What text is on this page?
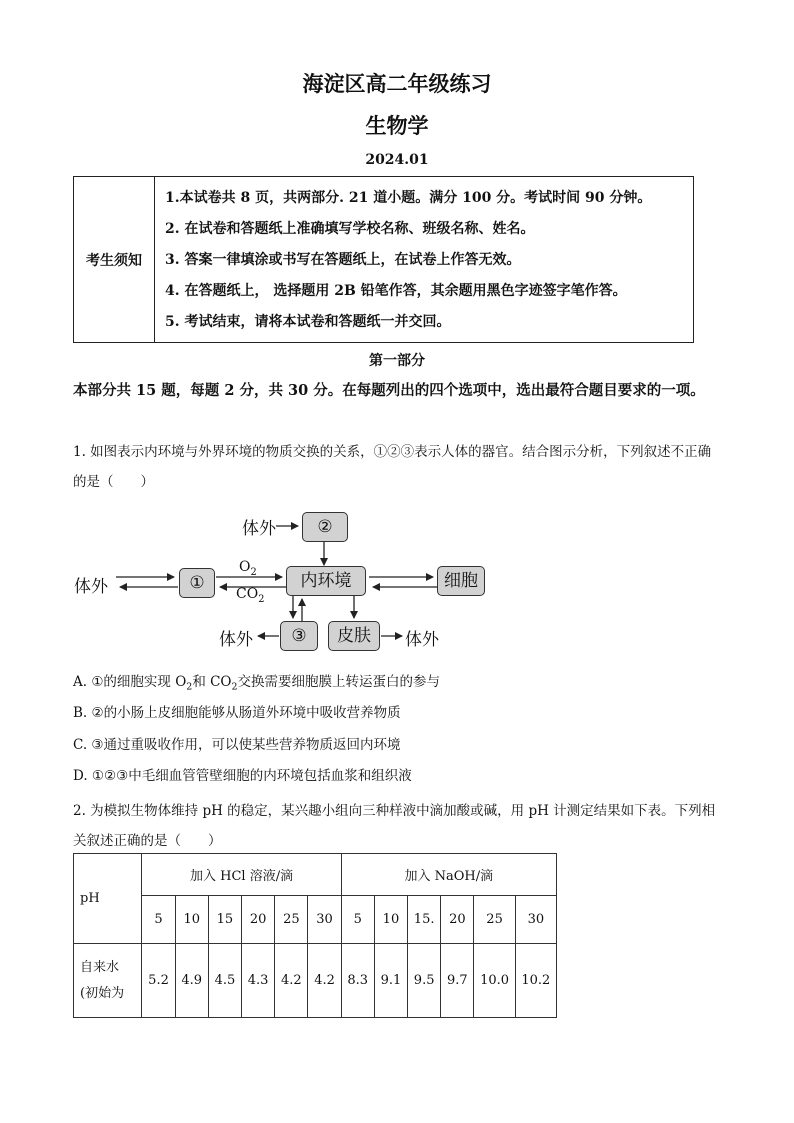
海淀区高二年级练习
生物学
2024.01
考生须知	
1.本试卷共 8 页，共两部分. 21 道小题。满分 100 分。考试时间 90 分钟。
2. 在试卷和答题纸上准确填写学校名称、班级名称、姓名。
3. 答案一律填涂或书写在答题纸上，在试卷上作答无效。
4. 在答题纸上， 选择题用 2B 铅笔作答，其余题用黑色字迹签字笔作答。
5. 考试结束，请将本试卷和答题纸一并交回。
第一部分
本部分共 15 题，每题 2 分，共 30 分。在每题列出的四个选项中，选出最符合题目要求的一项。
1. 如图表示内环境与外界环境的物质交换的关系，①②③表示人体的器官。结合图示分析，下列叙述不正确的是（　　）
体外	②
体外	①
$O_2$
$CO_2$
内环境	细胞
体外	③	皮肤	体外
A. ①的细胞实现 $O_2$和 $CO_2$交换需要细胞膜上转运蛋白的参与
B. ②的小肠上皮细胞能够从肠道外环境中吸收营养物质
C. ③通过重吸收作用，可以使某些营养物质返回内环境
D. ①②③中毛细血管管壁细胞的内环境包括血浆和组织液
2. 为模拟生物体维持 pH 的稳定，某兴趣小组向三种样液中滴加酸或碱，用 pH 计测定结果如下表。下列相关叙述正确的是（　　）
pH	加入 HCl 溶液/滴						加入 NaOH/滴					
	5	10	15	20	25	30	5	10	15.	20	25	30

自来水
(初始为	5.2	4.9	4.5	4.3	4.2	4.2	8.3	9.1	9.5	9.7	10.0	10.2
